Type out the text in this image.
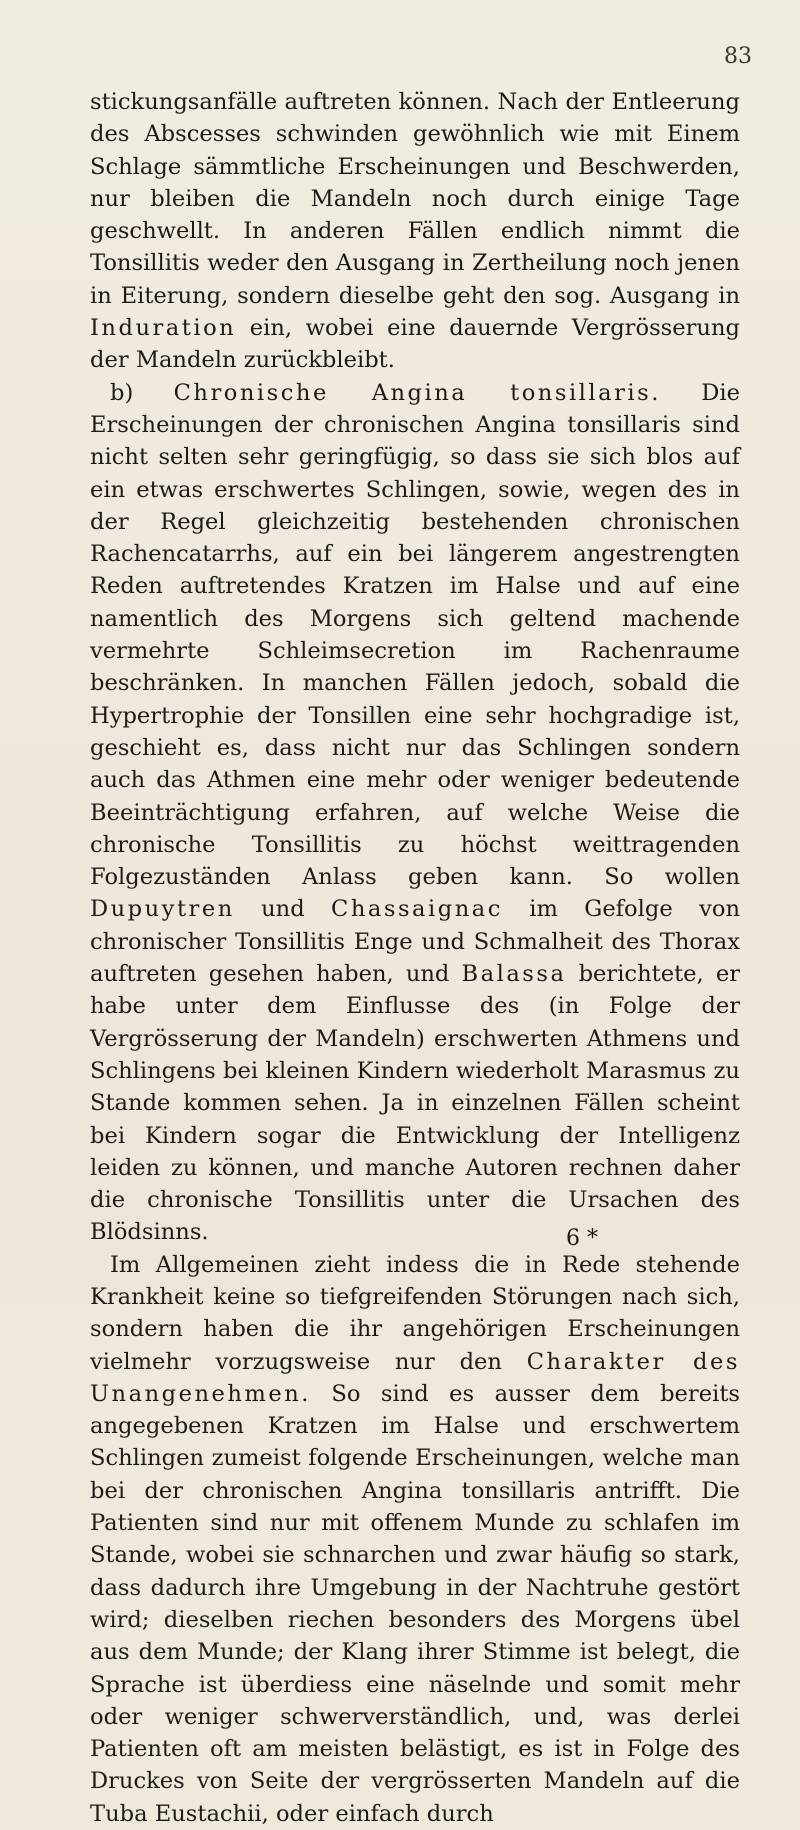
83

stickungsanfälle auftreten können. Nach der Entleerung des Abscesses schwinden gewöhnlich wie mit Einem Schlage sämmtliche Erscheinungen und Beschwerden, nur bleiben die Mandeln noch durch einige Tage geschwellt. In anderen Fällen endlich nimmt die Tonsillitis weder den Ausgang in Zertheilung noch jenen in Eiterung, sondern dieselbe geht den sog. Ausgang in Induration ein, wobei eine dauernde Vergrösserung der Mandeln zurückbleibt.

b) Chronische Angina tonsillaris. Die Erscheinungen der chronischen Angina tonsillaris sind nicht selten sehr geringfügig, so dass sie sich blos auf ein etwas erschwertes Schlingen, sowie, wegen des in der Regel gleichzeitig bestehenden chronischen Rachencatarrhs, auf ein bei längerem angestrengten Reden auftretendes Kratzen im Halse und auf eine namentlich des Morgens sich geltend machende vermehrte Schleimsecretion im Rachenraume beschränken. In manchen Fällen jedoch, sobald die Hypertrophie der Tonsillen eine sehr hochgradige ist, geschieht es, dass nicht nur das Schlingen sondern auch das Athmen eine mehr oder weniger bedeutende Beeinträchtigung erfahren, auf welche Weise die chronische Tonsillitis zu höchst weittragenden Folgezuständen Anlass geben kann. So wollen Dupuytren und Chassaignac im Gefolge von chronischer Tonsillitis Enge und Schmalheit des Thorax auftreten gesehen haben, und Balassa berichtete, er habe unter dem Einflusse des (in Folge der Vergrösserung der Mandeln) erschwerten Athmens und Schlingens bei kleinen Kindern wiederholt Marasmus zu Stande kommen sehen. Ja in einzelnen Fällen scheint bei Kindern sogar die Entwicklung der Intelligenz leiden zu können, und manche Autoren rechnen daher die chronische Tonsillitis unter die Ursachen des Blödsinns.

Im Allgemeinen zieht indess die in Rede stehende Krankheit keine so tiefgreifenden Störungen nach sich, sondern haben die ihr angehörigen Erscheinungen vielmehr vorzugsweise nur den Charakter des Unangenehmen. So sind es ausser dem bereits angegebenen Kratzen im Halse und erschwertem Schlingen zumeist folgende Erscheinungen, welche man bei der chronischen Angina tonsillaris antrifft. Die Patienten sind nur mit offenem Munde zu schlafen im Stande, wobei sie schnarchen und zwar häufig so stark, dass dadurch ihre Umgebung in der Nachtruhe gestört wird; dieselben riechen besonders des Morgens übel aus dem Munde; der Klang ihrer Stimme ist belegt, die Sprache ist überdiess eine näselnde und somit mehr oder weniger schwerverständlich, und, was derlei Patienten oft am meisten belästigt, es ist in Folge des Druckes von Seite der vergrösserten Mandeln auf die Tuba Eustachii, oder einfach durch

6 *
